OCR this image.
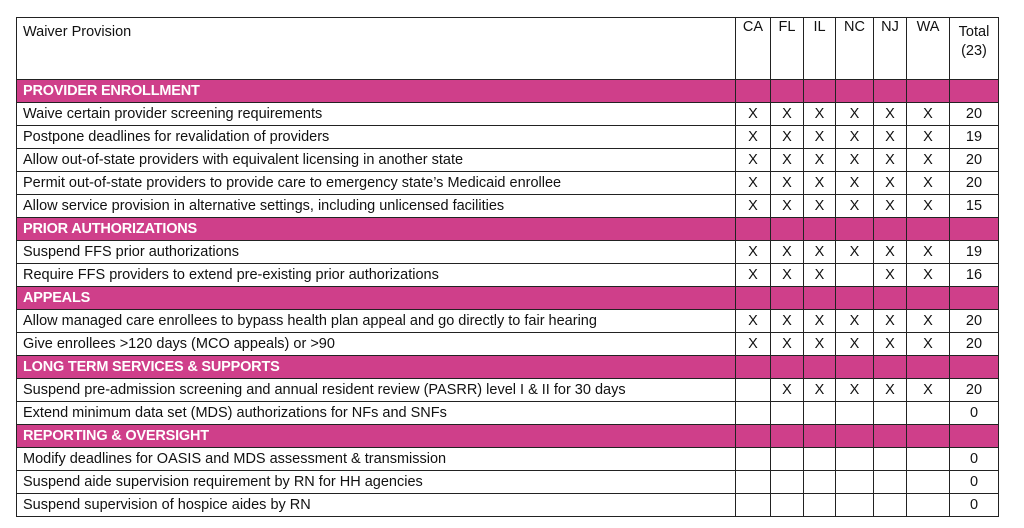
Waiver Provision	CA	FL	IL	NC	NJ	WA	Total
(23)
PROVIDER ENROLLMENT							
Waive certain provider screening requirements	X	X	X	X	X	X	20
Postpone deadlines for revalidation of providers	X	X	X	X	X	X	19
Allow out-of-state providers with equivalent licensing in another state	X	X	X	X	X	X	20
Permit out-of-state providers to provide care to emergency state’s Medicaid enrollee	X	X	X	X	X	X	20
Allow service provision in alternative settings, including unlicensed facilities	X	X	X	X	X	X	15
PRIOR AUTHORIZATIONS							
Suspend FFS prior authorizations	X	X	X	X	X	X	19
Require FFS providers to extend pre-existing prior authorizations	X	X	X		X	X	16
APPEALS							
Allow managed care enrollees to bypass health plan appeal and go directly to fair hearing	X	X	X	X	X	X	20
Give enrollees >120 days (MCO appeals) or >90	X	X	X	X	X	X	20
LONG TERM SERVICES & SUPPORTS							
Suspend pre-admission screening and annual resident review (PASRR) level I & II for 30 days		X	X	X	X	X	20
Extend minimum data set (MDS) authorizations for NFs and SNFs							0
REPORTING & OVERSIGHT							
Modify deadlines for OASIS and MDS assessment & transmission							0
Suspend aide supervision requirement by RN for HH agencies							0
Suspend supervision of hospice aides by RN							0
